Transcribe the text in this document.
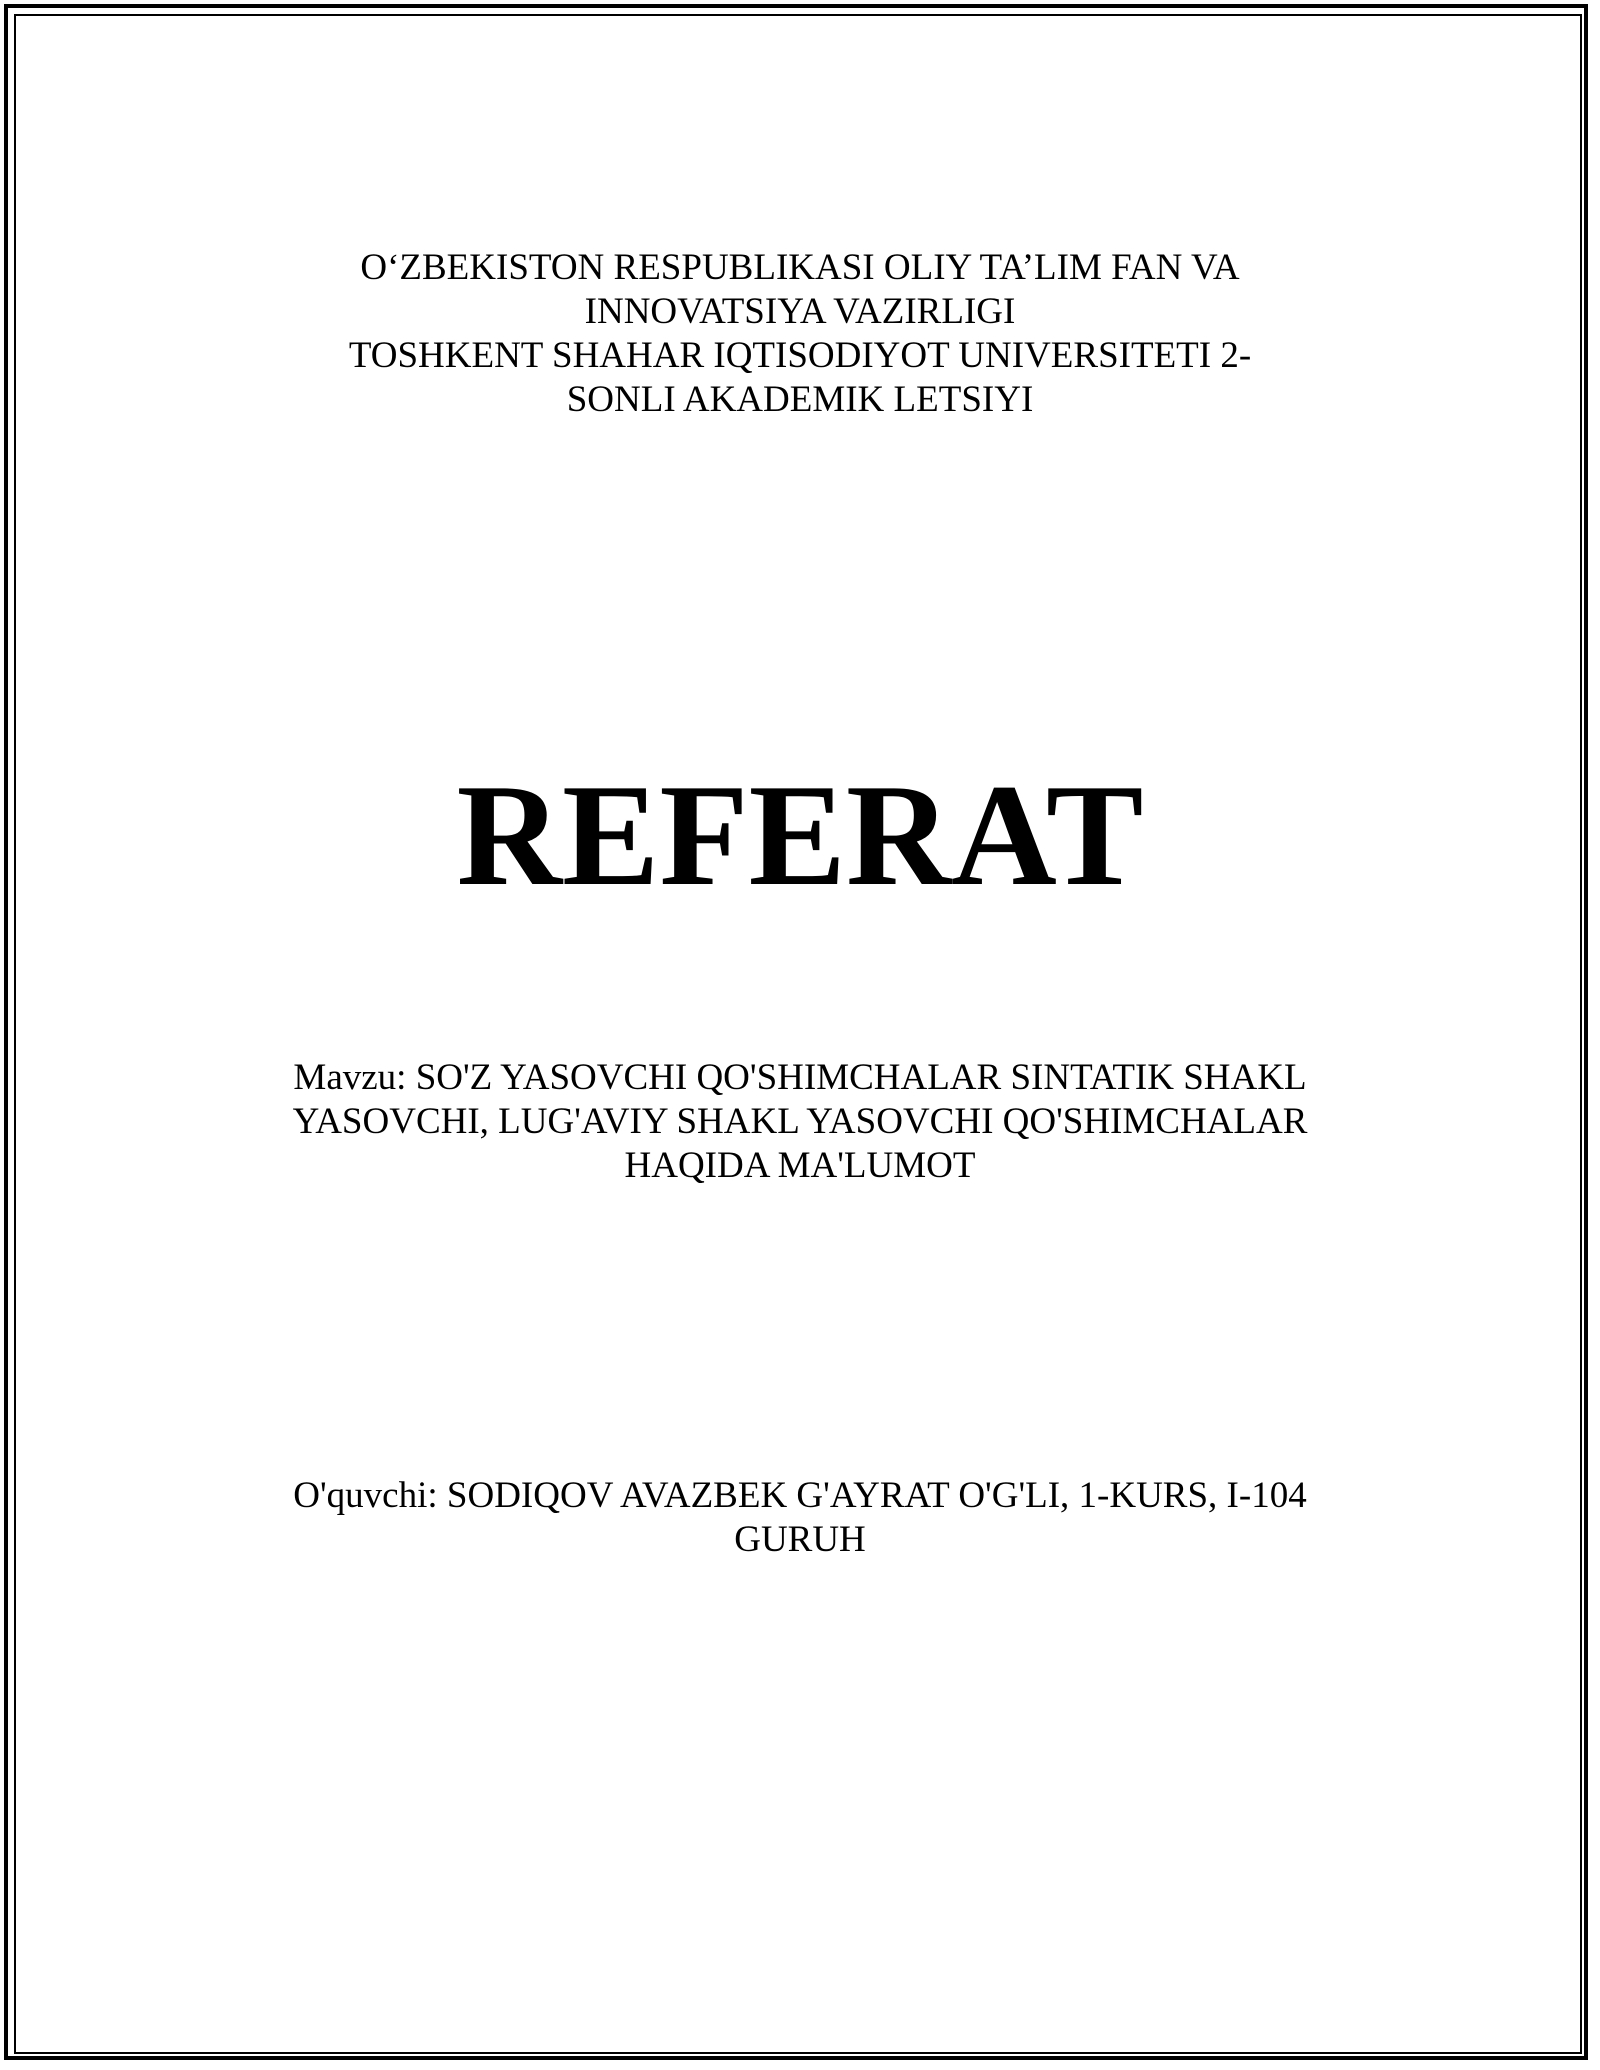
O‘ZBEKISTON RESPUBLIKASI OLIY TA’LIM FAN VA
INNOVATSIYA VAZIRLIGI
TOSHKENT SHAHAR IQTISODIYOT UNIVERSITETI 2-
SONLI AKADEMIK LETSIYI
REFERAT
Mavzu: SO'Z YASOVCHI QO'SHIMCHALAR SINTATIK SHAKL
YASOVCHI, LUG'AVIY SHAKL YASOVCHI QO'SHIMCHALAR
HAQIDA MA'LUMOT
O'quvchi: SODIQOV AVAZBEK G'AYRAT O'G'LI, 1-KURS, I-104
GURUH
